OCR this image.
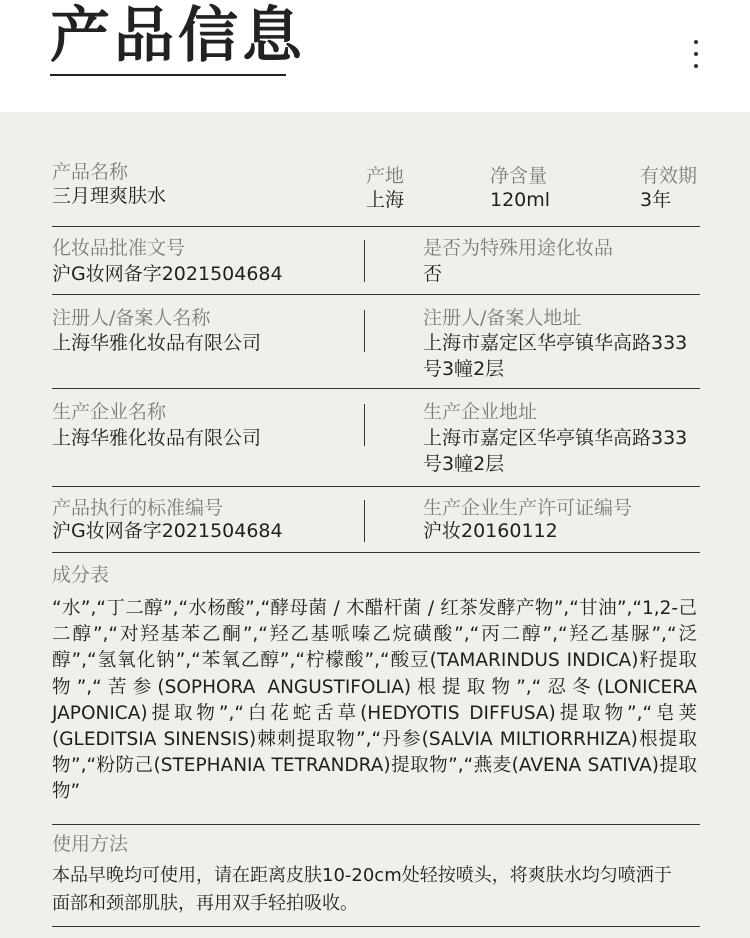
产品信息
产品名称
三月理爽肤水
产地
上海
净含量
120ml
有效期
3年
化妆品批准文号
沪G妆网备字2021504684
是否为特殊用途化妆品
否
注册人/备案人名称
上海华雅化妆品有限公司
注册人/备案人地址
上海市嘉定区华亭镇华高路333号3幢2层
生产企业名称
上海华雅化妆品有限公司
生产企业地址
上海市嘉定区华亭镇华高路333号3幢2层
产品执行的标准编号
沪G妆网备字2021504684
生产企业生产许可证编号
沪妆20160112
成分表
“水”,“丁二醇”,“水杨酸”,“酵母菌 / 木醋杆菌 / 红茶发酵产物”,“甘油”,“1,2-己二醇”,“对羟基苯乙酮”,“羟乙基哌嗪乙烷磺酸”,“丙二醇”,“羟乙基脲”,“泛醇”,“氢氧化钠”,“苯氧乙醇”,“柠檬酸”,“酸豆(TAMARINDUS INDICA)籽提取物”,“苦参(SOPHORA ANGUSTIFOLIA)根提取物”,“忍冬(LONICERA JAPONICA)提取物”,“白花蛇舌草(HEDYOTIS DIFFUSA)提取物”,“皂荚(GLEDITSIA SINENSIS)棘刺提取物”,“丹参(SALVIA MILTIORRHIZA)根提取物”,“粉防己(STEPHANIA TETRANDRA)提取物”,“燕麦(AVENA SATIVA)提取物”
使用方法
本品早晚均可使用，请在距离皮肤10-20cm处轻按喷头，将爽肤水均匀喷洒于面部和颈部肌肤，再用双手轻拍吸收。
